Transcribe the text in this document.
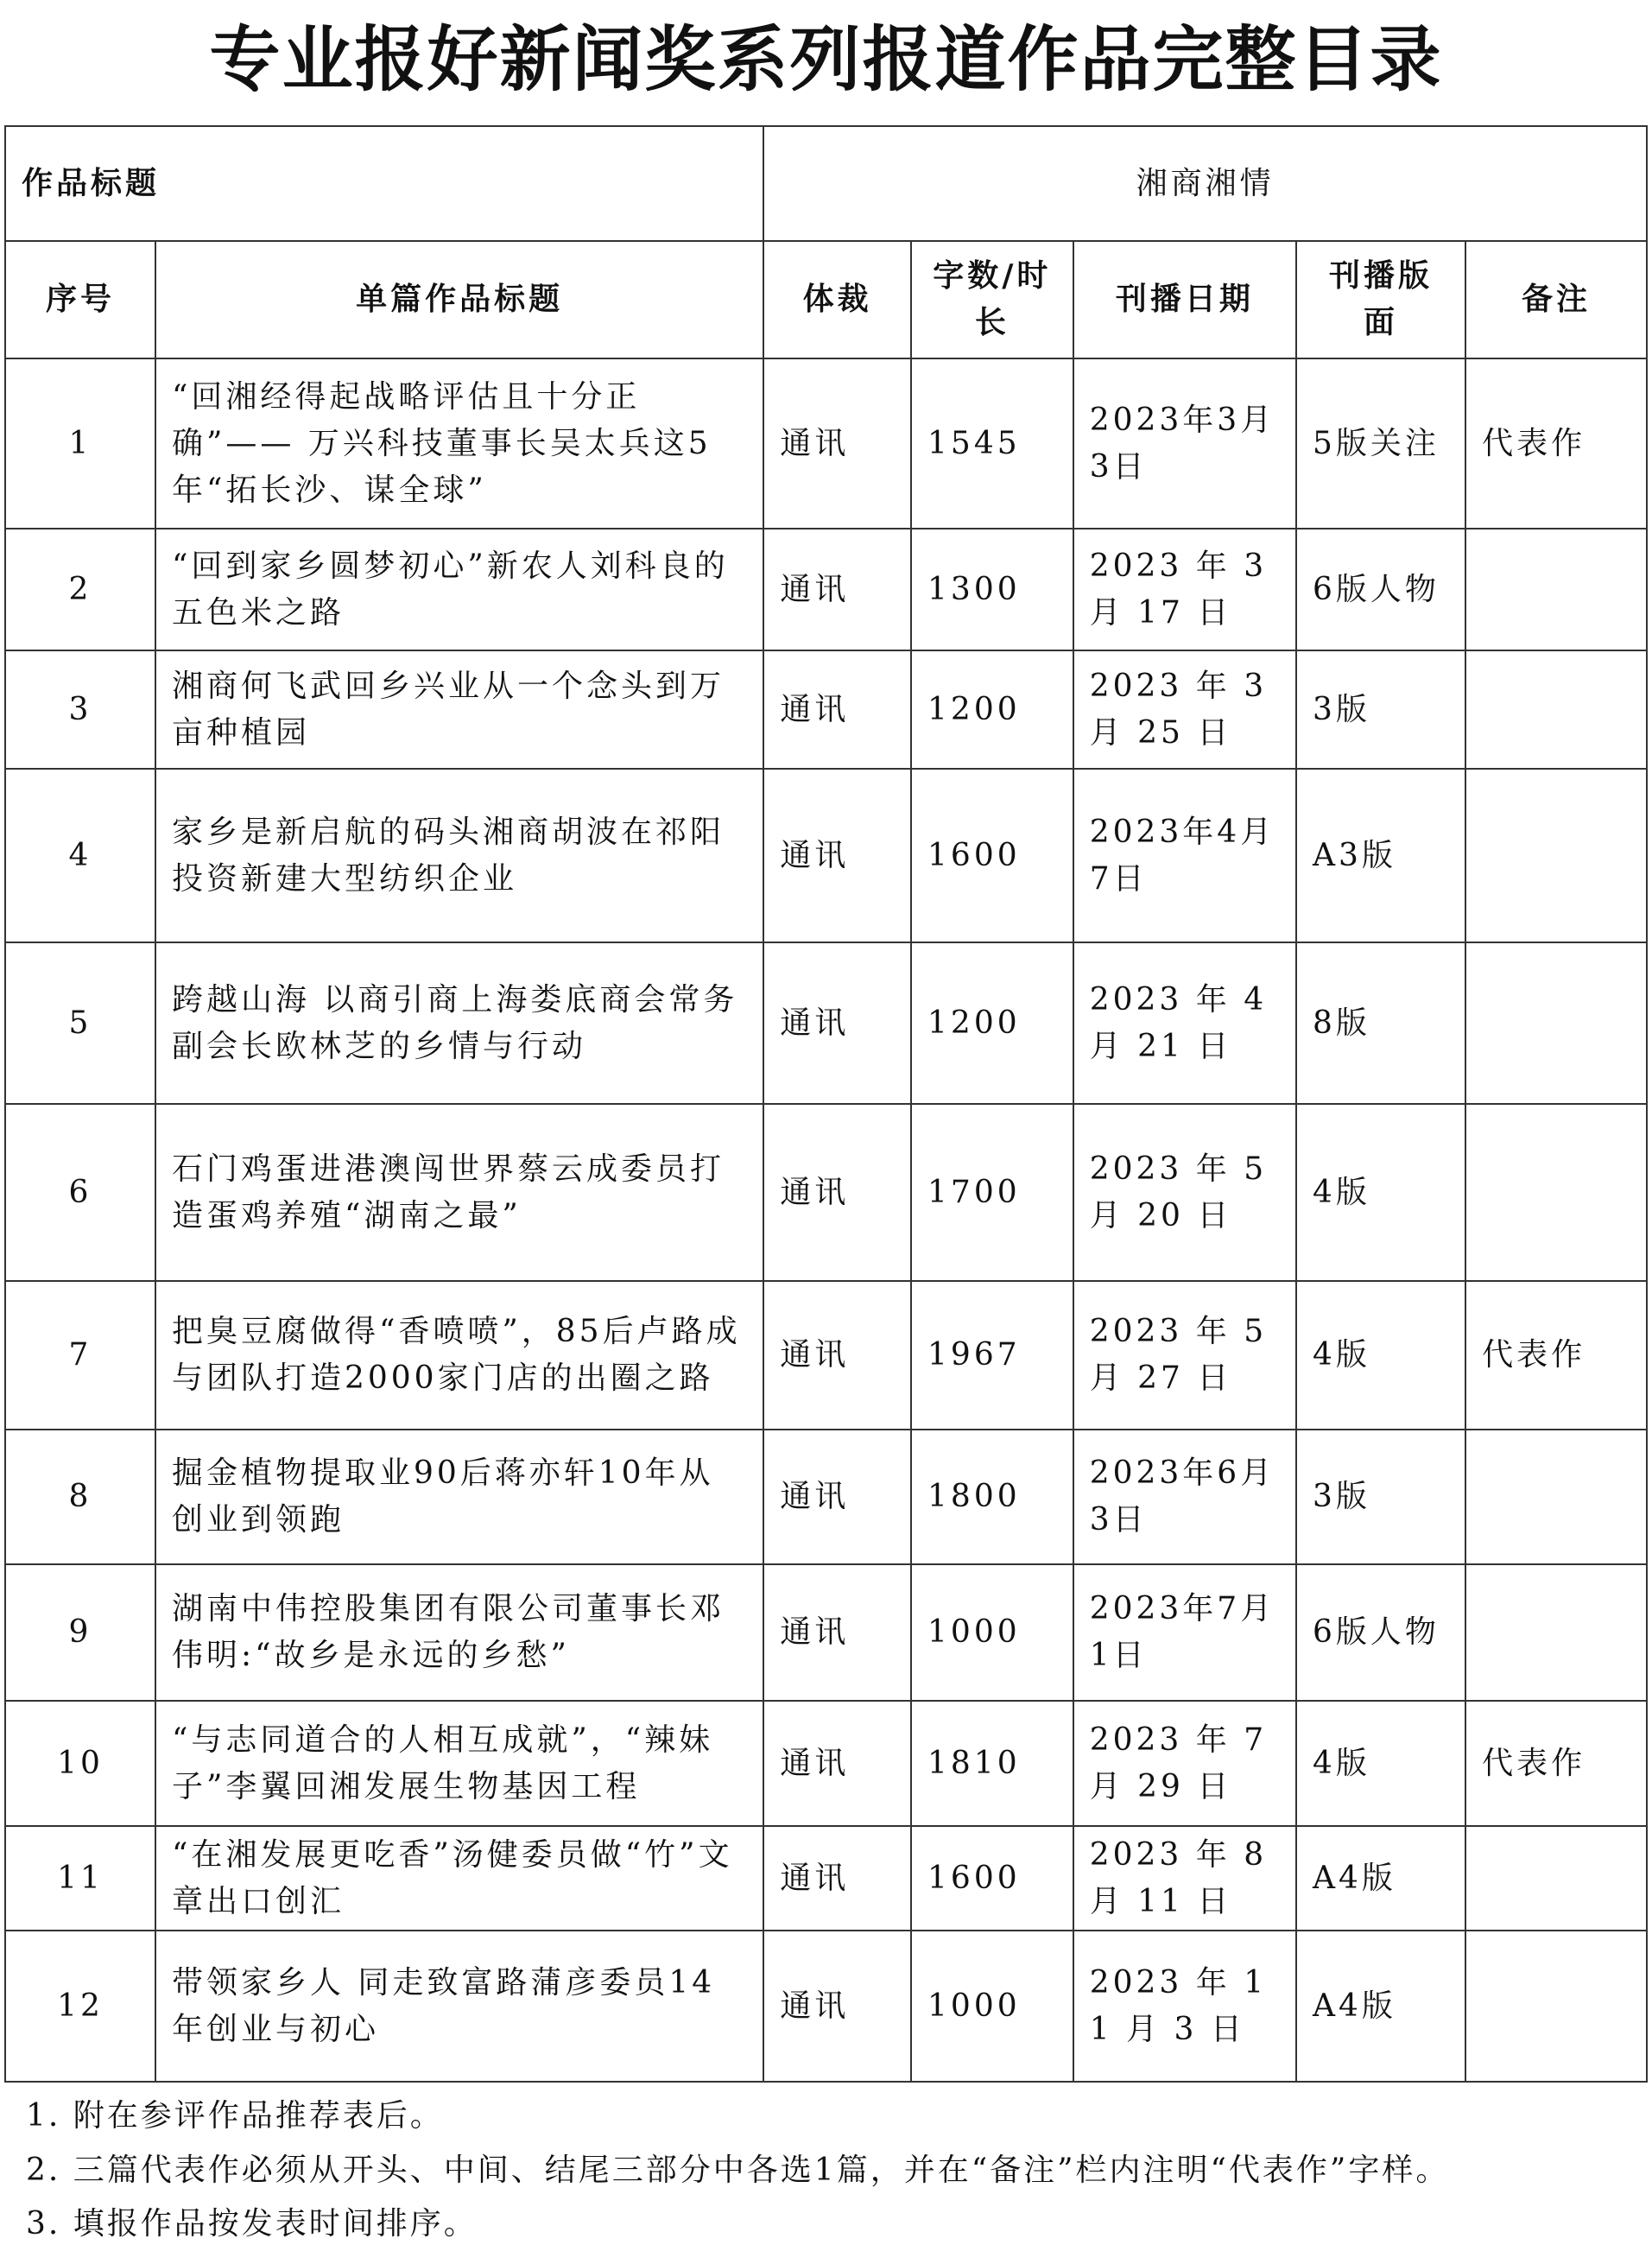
专业报好新闻奖系列报道作品完整目录
作品标题		湘商湘情				
序号	单篇作品标题	体裁	字数/时长	刊播日期	刊播版面	备注
1	“回湘经得起战略评估且十分正确”—— 万兴科技董事长吴太兵这5年“拓长沙、谋全球”	通讯	1545	2023年3月3日	5版关注	代表作
2	“回到家乡圆梦初心”新农人刘科良的五色米之路	通讯	1300	2023 年 3 月 17 日	6版人物	
3	湘商何飞武回乡兴业从一个念头到万亩种植园	通讯	1200	2023 年 3 月 25 日	3版	
4	家乡是新启航的码头湘商胡波在祁阳投资新建大型纺织企业	通讯	1600	2023年4月7日	A3版	
5	跨越山海 以商引商上海娄底商会常务副会长欧林芝的乡情与行动	通讯	1200	2023 年 4 月 21 日	8版	
6	石门鸡蛋进港澳闯世界蔡云成委员打造蛋鸡养殖“湖南之最”	通讯	1700	2023 年 5 月 20 日	4版	
7	把臭豆腐做得“香喷喷”，85后卢路成与团队打造2000家门店的出圈之路	通讯	1967	2023 年 5 月 27 日	4版	代表作
8	掘金植物提取业90后蒋亦轩10年从创业到领跑	通讯	1800	2023年6月3日	3版	
9	湖南中伟控股集团有限公司董事长邓伟明:“故乡是永远的乡愁”	通讯	1000	2023年7月1日	6版人物	
10	“与志同道合的人相互成就”，“辣妹子”李翼回湘发展生物基因工程	通讯	1810	2023 年 7 月 29 日	4版	代表作
11	“在湘发展更吃香”汤健委员做“竹”文章出口创汇	通讯	1600	2023 年 8 月 11 日	A4版	
12	带领家乡人 同走致富路蒲彦委员14 年创业与初心	通讯	1000	2023 年 11 月 3 日	A4版	
1. 附在参评作品推荐表后。
2. 三篇代表作必须从开头、中间、结尾三部分中各选1篇，并在“备注”栏内注明“代表作”字样。
3. 填报作品按发表时间排序。
